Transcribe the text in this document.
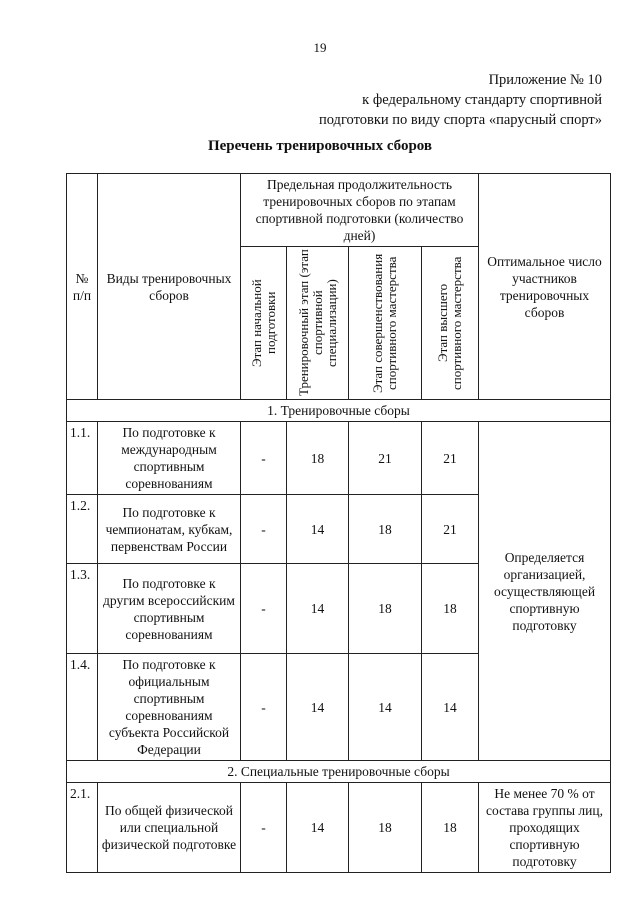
19
Приложение № 10
к федеральному стандарту спортивной
подготовки по виду спорта «парусный спорт»
Перечень тренировочных сборов
№ п/п	Виды тренировочных сборов	Предельная продолжительность тренировочных сборов по этапам спортивной подготовки (количество дней)				Оптимальное число участников тренировочных сборов

		Этап начальной подготовки	Тренировочный этап (этап спортивной специализации)	Этап совершенствования спортивного мастерства	Этап высшего спортивного мастерства	

1. Тренировочные сборы						
1.1.	По подготовке к международным спортивным соревнованиям	-	18	21	21	Определяется организацией, осуществляющей спортивную подготовку
1.2.	По подготовке к чемпионатам, кубкам, первенствам России	-	14	18	21	
1.3.	По подготовке к другим всероссийским спортивным соревнованиям	-	14	18	18	
1.4.	По подготовке к официальным спортивным соревнованиям субъекта Российской Федерации	-	14	14	14	
2. Специальные тренировочные сборы						
2.1.	По общей физической или специальной физической подготовке	-	14	18	18	Не менее 70 % от состава группы лиц, проходящих спортивную подготовку
